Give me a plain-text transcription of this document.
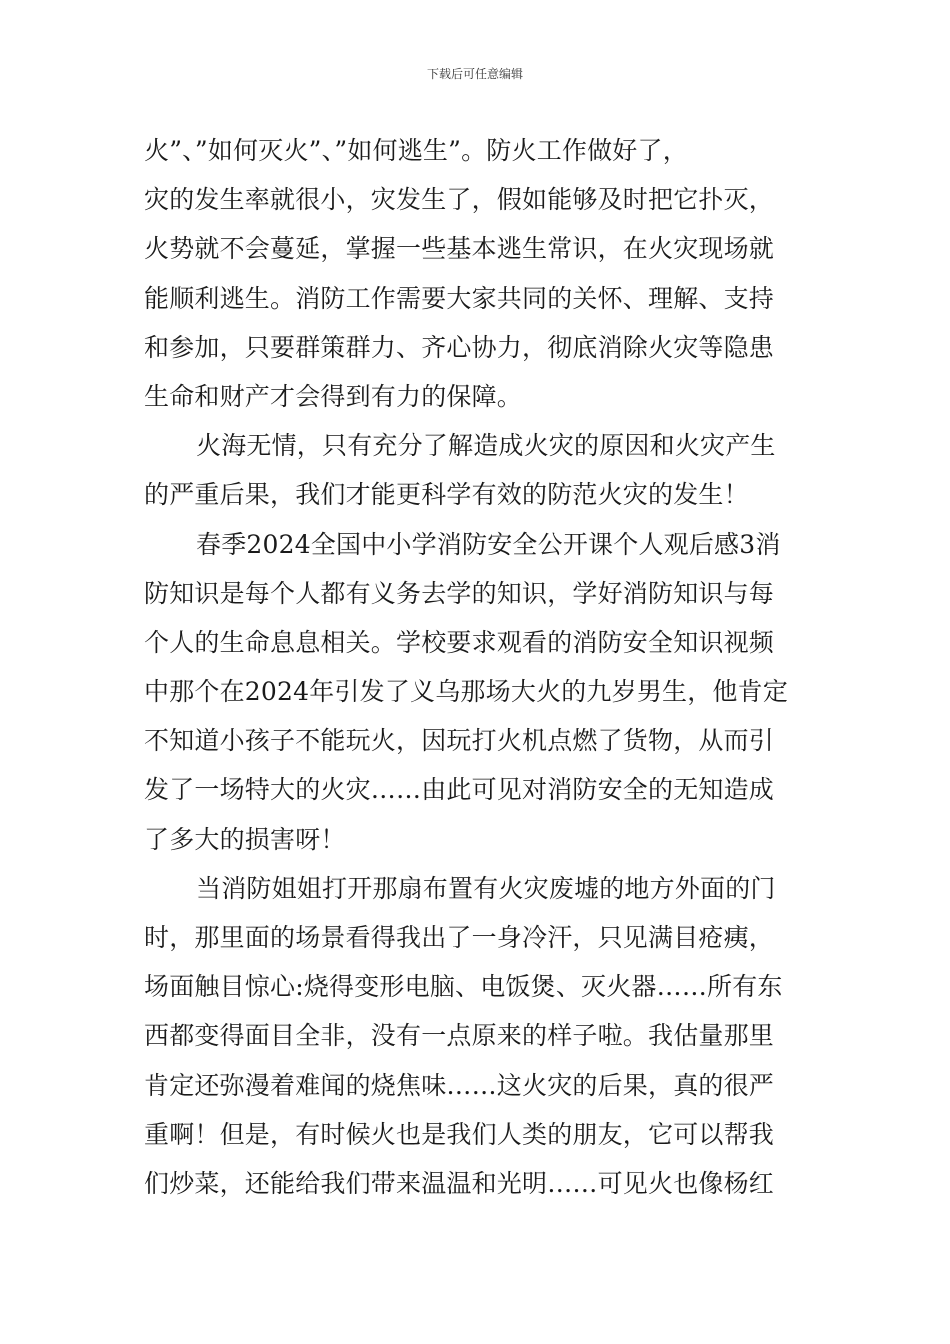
下载后可任意编辑
火”、”如何灭火”、”如何逃生”。防火工作做好了，
灾的发生率就很小，灾发生了，假如能够及时把它扑灭，
火势就不会蔓延，掌握一些基本逃生常识，在火灾现场就
能顺利逃生。消防工作需要大家共同的关怀、理解、支持
和参加，只要群策群力、齐心协力，彻底消除火灾等隐患
生命和财产才会得到有力的保障。
火海无情，只有充分了解造成火灾的原因和火灾产生
的严重后果，我们才能更科学有效的防范火灾的发生！
春季2024全国中小学消防安全公开课个人观后感3消
防知识是每个人都有义务去学的知识，学好消防知识与每
个人的生命息息相关。学校要求观看的消防安全知识视频
中那个在2024年引发了义乌那场大火的九岁男生，他肯定
不知道小孩子不能玩火，因玩打火机点燃了货物，从而引
发了一场特大的火灾……由此可见对消防安全的无知造成
了多大的损害呀！
当消防姐姐打开那扇布置有火灾废墟的地方外面的门
时，那里面的场景看得我出了一身冷汗，只见满目疮痍，
场面触目惊心:烧得变形电脑、电饭煲、灭火器……所有东
西都变得面目全非，没有一点原来的样子啦。我估量那里
肯定还弥漫着难闻的烧焦味……这火灾的后果，真的很严
重啊！但是，有时候火也是我们人类的朋友，它可以帮我
们炒菜，还能给我们带来温温和光明……可见火也像杨红
